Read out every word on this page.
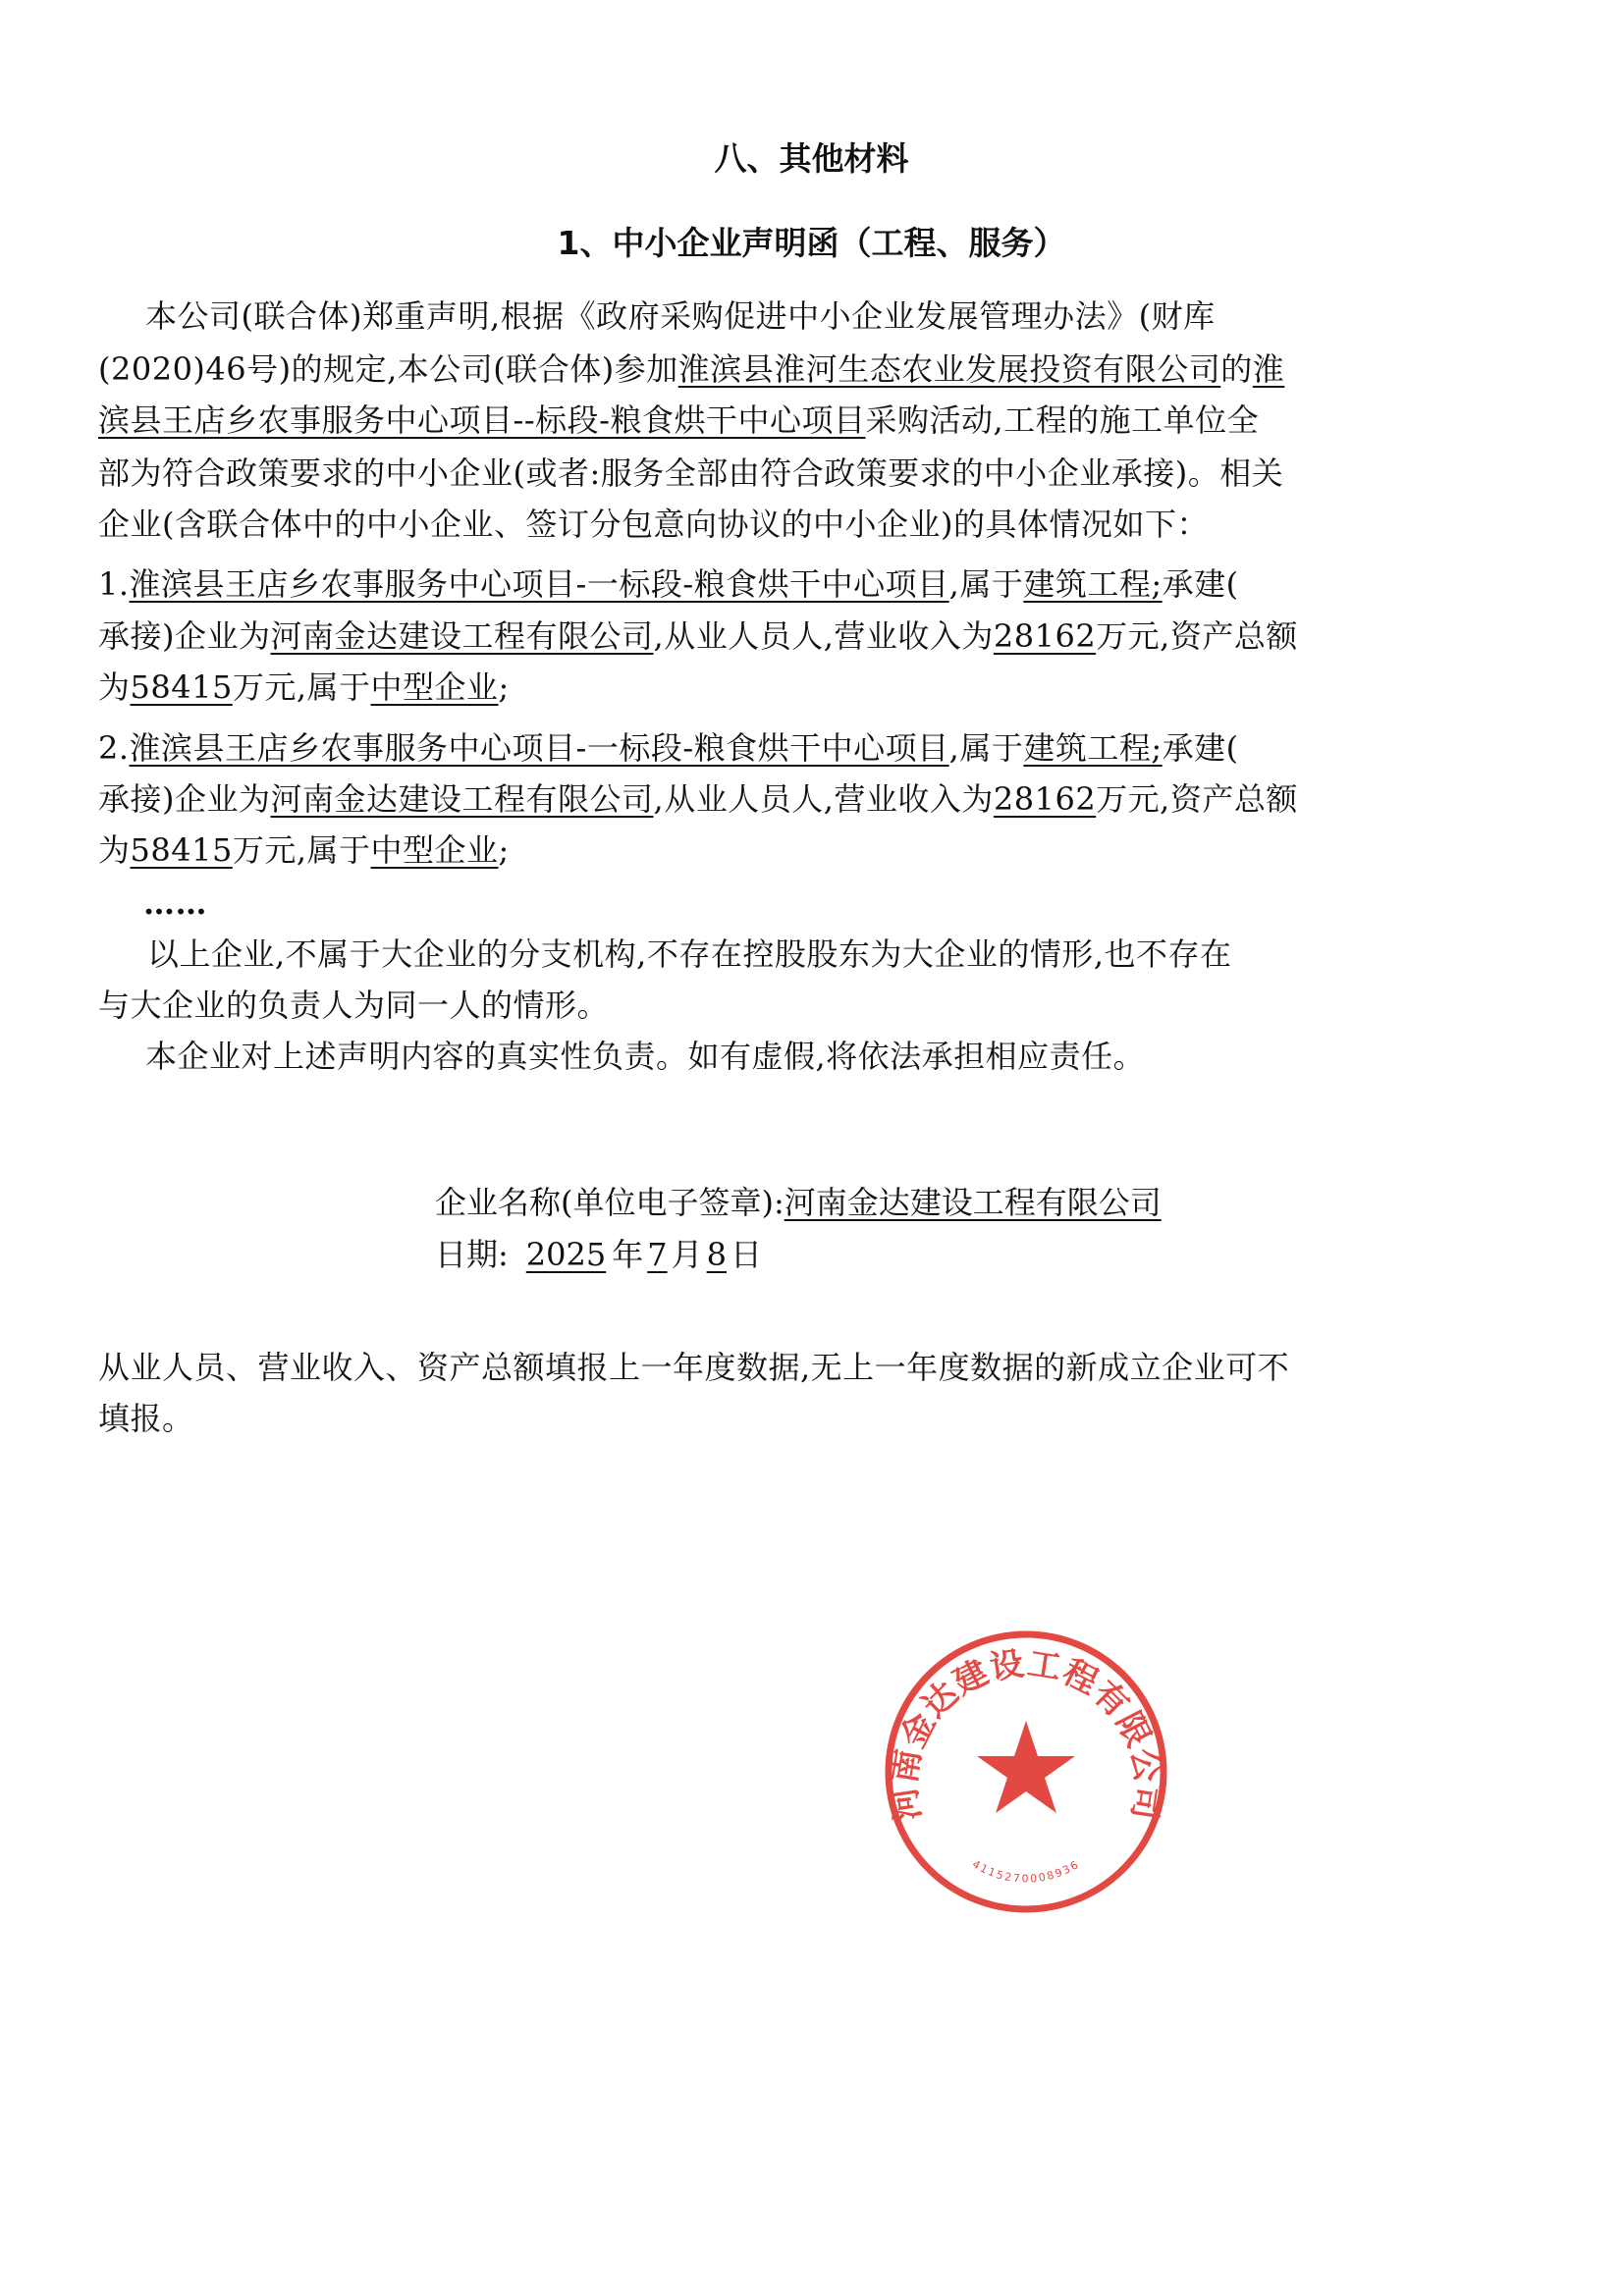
八、其他材料
1、中小企业声明函（工程、服务）
本公司(联合体)郑重声明,根据《政府采购促进中小企业发展管理办法》(财库
(2020)46号)的规定,本公司(联合体)参加淮滨县淮河生态农业发展投资有限公司的淮
滨县王店乡农事服务中心项目--标段-粮食烘干中心项目采购活动,工程的施工单位全
部为符合政策要求的中小企业(或者:服务全部由符合政策要求的中小企业承接)。相关
企业(含联合体中的中小企业、签订分包意向协议的中小企业)的具体情况如下：
1.淮滨县王店乡农事服务中心项目-一标段-粮食烘干中心项目,属于建筑工程;承建(
承接)企业为河南金达建设工程有限公司,从业人员人,营业收入为28162万元,资产总额
为58415万元,属于中型企业;
2.淮滨县王店乡农事服务中心项目-一标段-粮食烘干中心项目,属于建筑工程;承建(
承接)企业为河南金达建设工程有限公司,从业人员人,营业收入为28162万元,资产总额
为58415万元,属于中型企业;
……
以上企业,不属于大企业的分支机构,不存在控股股东为大企业的情形,也不存在
与大企业的负责人为同一人的情形。
本企业对上述声明内容的真实性负责。如有虚假,将依法承担相应责任。
企业名称(单位电子签章):河南金达建设工程有限公司
日期: 2025 年 7 月 8 日
河南金达建设工程有限公司
4115270008936
从业人员、营业收入、资产总额填报上一年度数据,无上一年度数据的新成立企业可不
填报。
